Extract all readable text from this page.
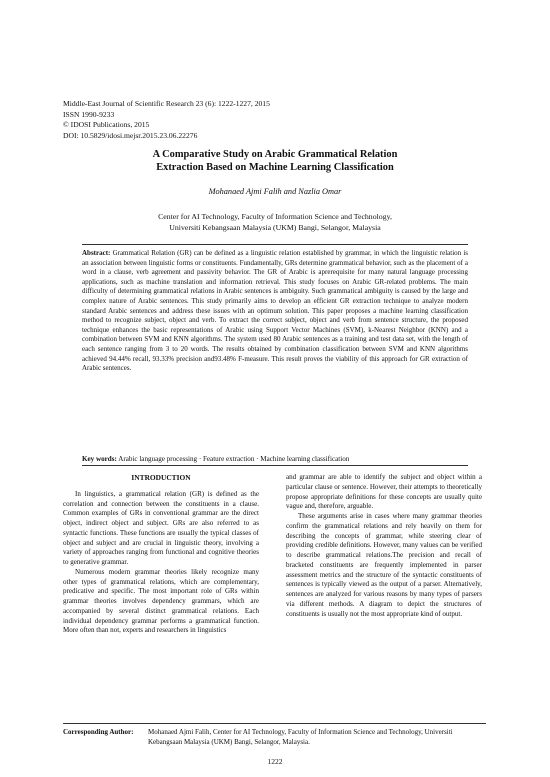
Middle-East Journal of Scientific Research 23 (6): 1222-1227, 2015
ISSN 1990-9233
© IDOSI Publications, 2015
DOI: 10.5829/idosi.mejsr.2015.23.06.22276
A Comparative Study on Arabic Grammatical Relation
Extraction Based on Machine Learning Classification
Mohanaed Ajmi Falih and Nazlia Omar
Center for AI Technology, Faculty of Information Science and Technology,
Universiti Kebangsaan Malaysia (UKM) Bangi, Selangor, Malaysia
Abstract: Grammatical Relation (GR) can be defined as a linguistic relation established by grammar, in which the linguistic relation is an association between linguistic forms or constituents. Fundamentally, GRs determine grammatical behavior, such as the placement of a word in a clause, verb agreement and passivity behavior. The GR of Arabic is aprerequisite for many natural language processing applications, such as machine translation and information retrieval. This study focuses on Arabic GR-related problems. The main difficulty of determining grammatical relations in Arabic sentences is ambiguity. Such grammatical ambiguity is caused by the large and complex nature of Arabic sentences. This study primarily aims to develop an efficient GR extraction technique to analyze modern standard Arabic sentences and address these issues with an optimum solution. This paper proposes a machine learning classification method to recognize subject, object and verb. To extract the correct subject, object and verb from sentence structure, the proposed technique enhances the basic representations of Arabic using Support Vector Machines (SVM), k-Nearest Neighbor (KNN) and a combination between SVM and KNN algorithms. The system used 80 Arabic sentences as a training and test data set, with the length of each sentence ranging from 3 to 20 words. The results obtained by combination classification between SVM and KNN algorithms achieved 94.44% recall, 93.33% precision and93.48% F-measure. This result proves the viability of this approach for GR extraction of Arabic sentences.
Key words: Arabic language processing · Feature extraction · Machine learning classification
INTRODUCTION

In linguistics, a grammatical relation (GR) is defined as the correlation and connection between the constituents in a clause. Common examples of GRs in conventional grammar are the direct object, indirect object and subject. GRs are also referred to as syntactic functions. These functions are usually the typical classes of object and subject and are crucial in linguistic theory, involving a variety of approaches ranging from functional and cognitive theories to generative grammar.

Numerous modern grammar theories likely recognize many other types of grammatical relations, which are complementary, predicative and specific. The most important role of GRs within grammar theories involves dependency grammars, which are accompanied by several distinct grammatical relations. Each individual dependency grammar performs a grammatical function. More often than not, experts and researchers in linguistics

and grammar are able to identify the subject and object within a particular clause or sentence. However, their attempts to theoretically propose appropriate definitions for these concepts are usually quite vague and, therefore, arguable.

These arguments arise in cases where many grammar theories confirm the grammatical relations and rely heavily on them for describing the concepts of grammar, while steering clear of providing credible definitions. However, many values can be verified to describe grammatical relations.The precision and recall of bracketed constituents are frequently implemented in parser assessment metrics and the structure of the syntactic constituents of sentences is typically viewed as the output of a parser. Alternatively, sentences are analyzed for various reasons by many types of parsers via different methods. A diagram to depict the structures of constituents is usually not the most appropriate kind of output.

Corresponding Author: Mohanaed Ajmi Falih, Center for AI Technology, Faculty of Information Science and Technology, Universiti Kebangsaan Malaysia (UKM) Bangi, Selangor, Malaysia.
1222
